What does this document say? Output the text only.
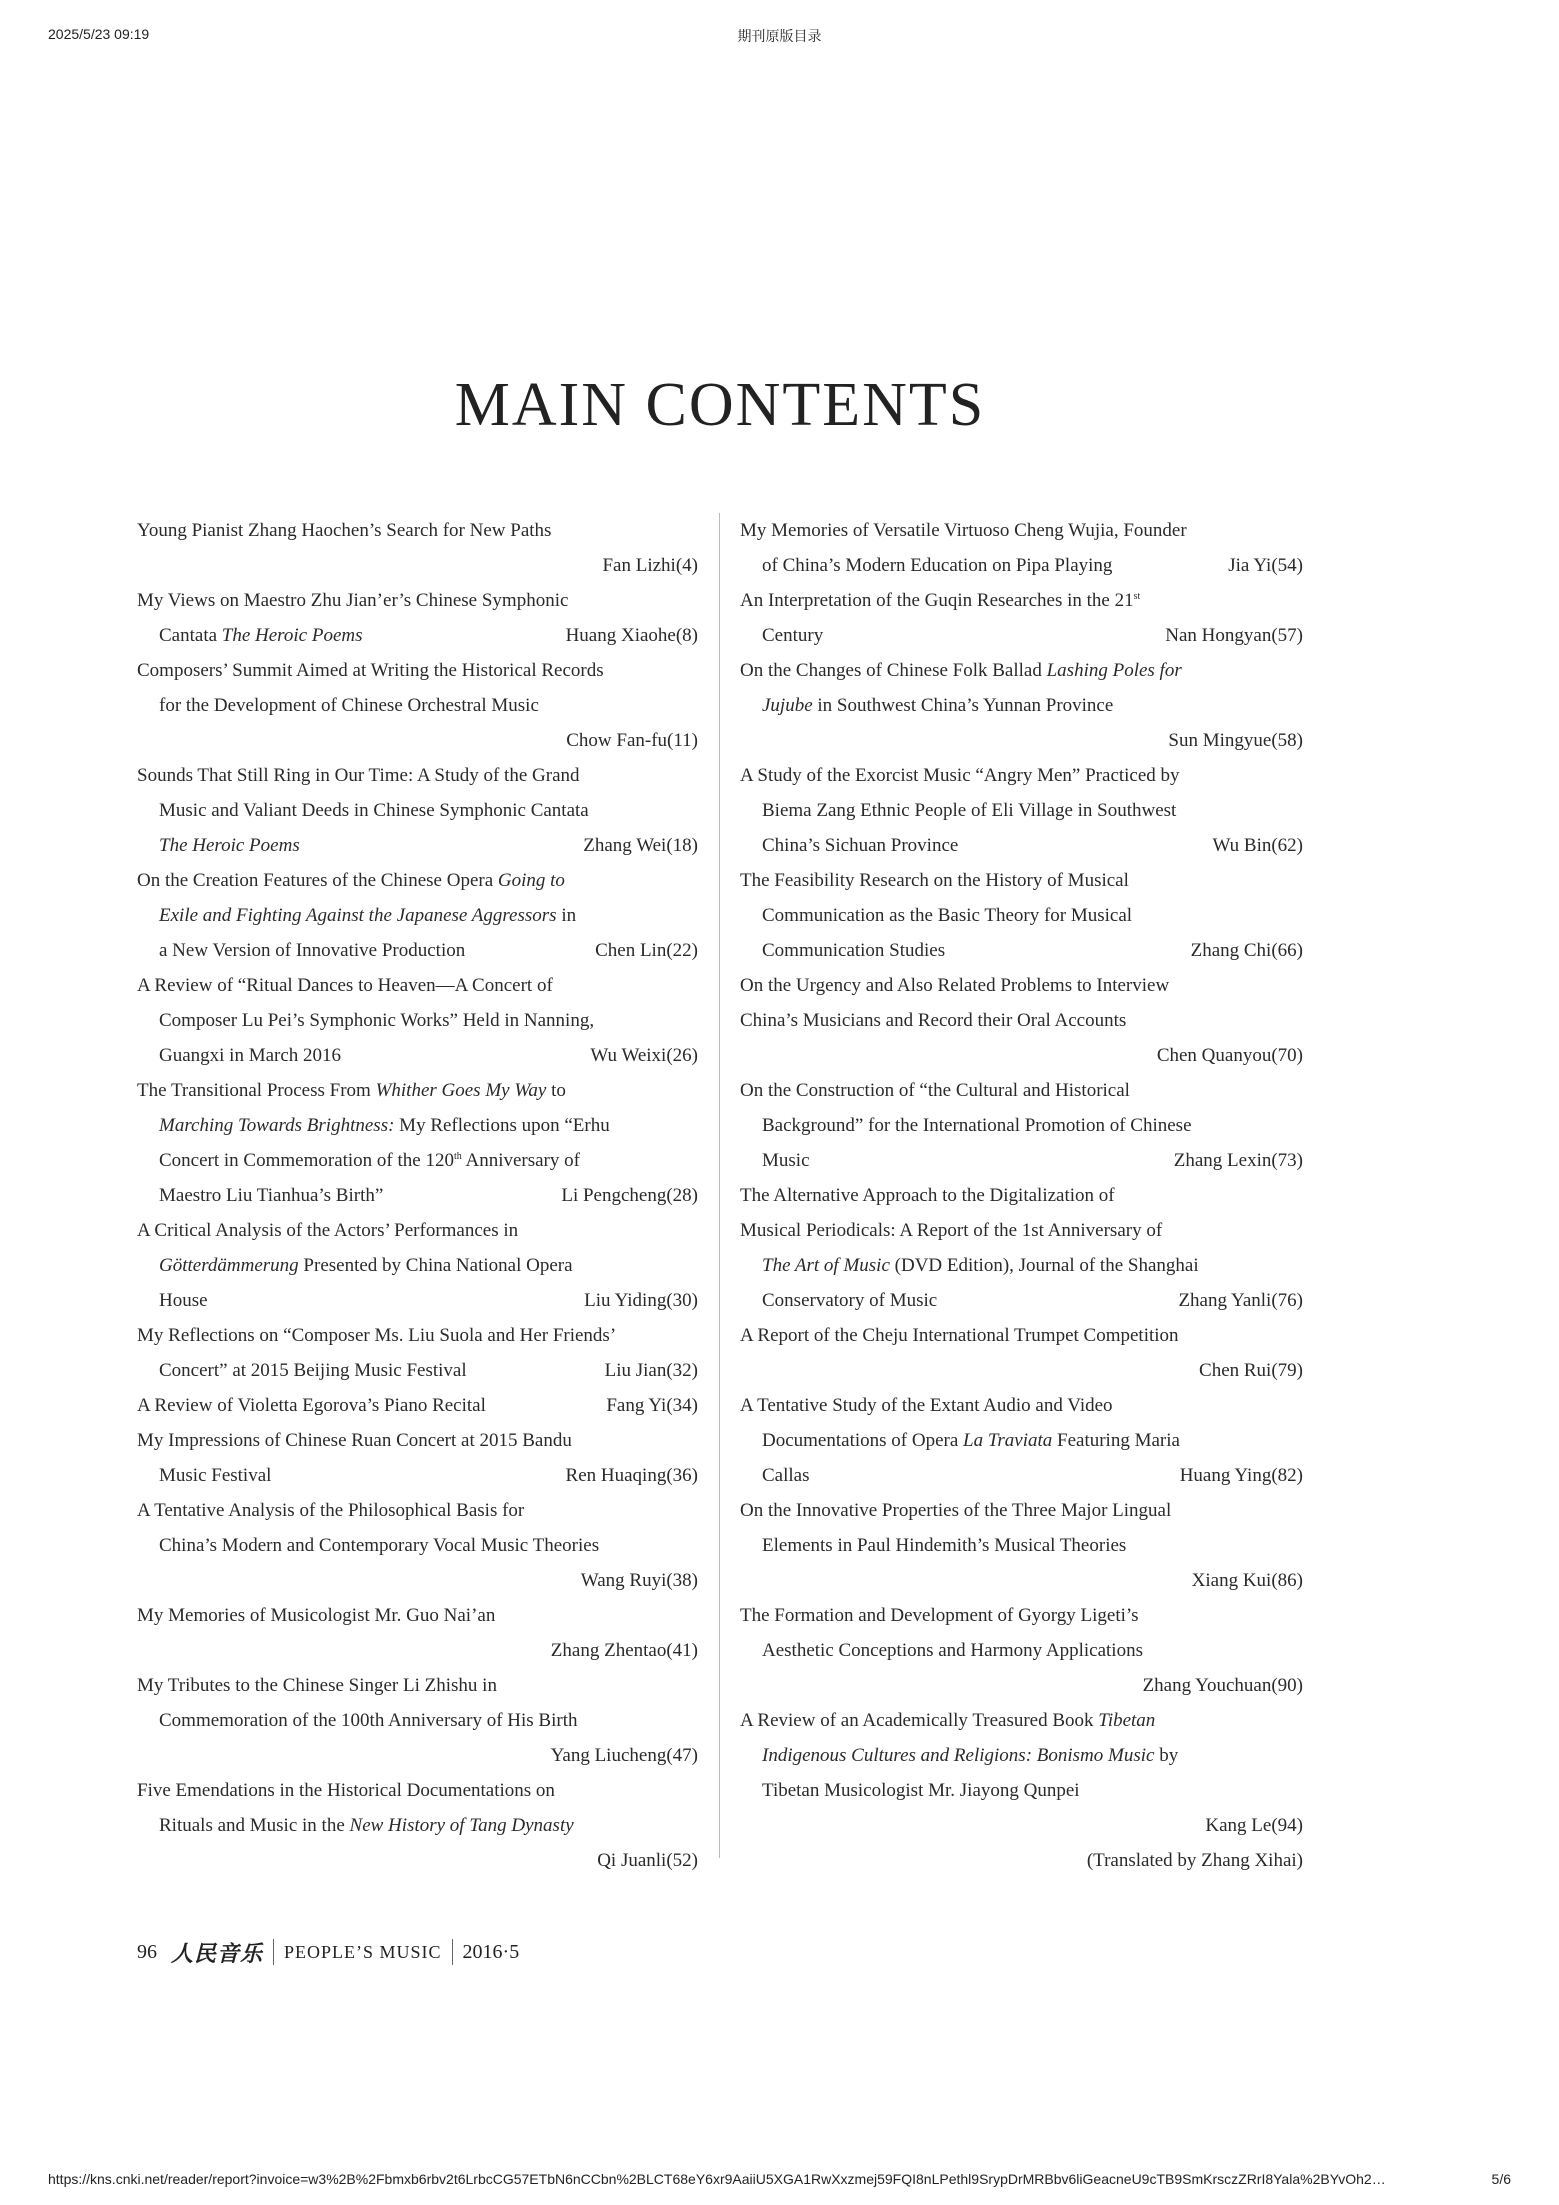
2025/5/23 09:19	期刊原版目录
MAIN CONTENTS
Young Pianist Zhang Haochen’s Search for New Paths
Fan Lizhi(4)
My Views on Maestro Zhu Jian’er’s Chinese Symphonic
Cantata The Heroic Poems	Huang Xiaohe(8)
Composers’ Summit Aimed at Writing the Historical Records
for the Development of Chinese Orchestral Music
Chow Fan-fu(11)
Sounds That Still Ring in Our Time: A Study of the Grand
Music and Valiant Deeds in Chinese Symphonic Cantata
The Heroic Poems	Zhang Wei(18)
On the Creation Features of the Chinese Opera Going to
Exile and Fighting Against the Japanese Aggressors in
a New Version of Innovative Production	Chen Lin(22)
A Review of “Ritual Dances to Heaven—A Concert of
Composer Lu Pei’s Symphonic Works” Held in Nanning,
Guangxi in March 2016	Wu Weixi(26)
The Transitional Process From Whither Goes My Way to
Marching Towards Brightness: My Reflections upon “Erhu
Concert in Commemoration of the 120th Anniversary of
Maestro Liu Tianhua’s Birth”	Li Pengcheng(28)
A Critical Analysis of the Actors’ Performances in
Götterdämmerung Presented by China National Opera
House	Liu Yiding(30)
My Reflections on “Composer Ms. Liu Suola and Her Friends’
Concert” at 2015 Beijing Music Festival	Liu Jian(32)
A Review of Violetta Egorova’s Piano Recital	Fang Yi(34)
My Impressions of Chinese Ruan Concert at 2015 Bandu
Music Festival	Ren Huaqing(36)
A Tentative Analysis of the Philosophical Basis for
China’s Modern and Contemporary Vocal Music Theories
Wang Ruyi(38)
My Memories of Musicologist Mr. Guo Nai’an
Zhang Zhentao(41)
My Tributes to the Chinese Singer Li Zhishu in
Commemoration of the 100th Anniversary of His Birth
Yang Liucheng(47)
Five Emendations in the Historical Documentations on
Rituals and Music in the New History of Tang Dynasty
Qi Juanli(52)
My Memories of Versatile Virtuoso Cheng Wujia, Founder
of China’s Modern Education on Pipa Playing	Jia Yi(54)
An Interpretation of the Guqin Researches in the 21st
Century	Nan Hongyan(57)
On the Changes of Chinese Folk Ballad Lashing Poles for
Jujube in Southwest China’s Yunnan Province
Sun Mingyue(58)
A Study of the Exorcist Music “Angry Men” Practiced by
Biema Zang Ethnic People of Eli Village in Southwest
China’s Sichuan Province	Wu Bin(62)
The Feasibility Research on the History of Musical
Communication as the Basic Theory for Musical
Communication Studies	Zhang Chi(66)
On the Urgency and Also Related Problems to Interview
China’s Musicians and Record their Oral Accounts
Chen Quanyou(70)
On the Construction of “the Cultural and Historical
Background” for the International Promotion of Chinese
Music	Zhang Lexin(73)
The Alternative Approach to the Digitalization of
Musical Periodicals: A Report of the 1st Anniversary of
The Art of Music (DVD Edition), Journal of the Shanghai
Conservatory of Music	Zhang Yanli(76)
A Report of the Cheju International Trumpet Competition
Chen Rui(79)
A Tentative Study of the Extant Audio and Video
Documentations of Opera La Traviata Featuring Maria
Callas	Huang Ying(82)
On the Innovative Properties of the Three Major Lingual
Elements in Paul Hindemith’s Musical Theories
Xiang Kui(86)
The Formation and Development of Gyorgy Ligeti’s
Aesthetic Conceptions and Harmony Applications
Zhang Youchuan(90)
A Review of an Academically Treasured Book Tibetan
Indigenous Cultures and Religions: Bonismo Music by
Tibetan Musicologist Mr. Jiayong Qunpei
Kang Le(94)
(Translated by Zhang Xihai)
96 人民音乐 PEOPLE’S MUSIC 2016·5
https://kns.cnki.net/reader/report?invoice=w3%2B%2Fbmxb6rbv2t6LrbcCG57ETbN6nCCbn%2BLCT68eY6xr9AaiiU5XGA1RwXxzmej59FQI8nLPethl9SrypDrMRBbv6liGeacneU9cTB9SmKrsczZRrI8Yala%2BYvOh2…	5/6
